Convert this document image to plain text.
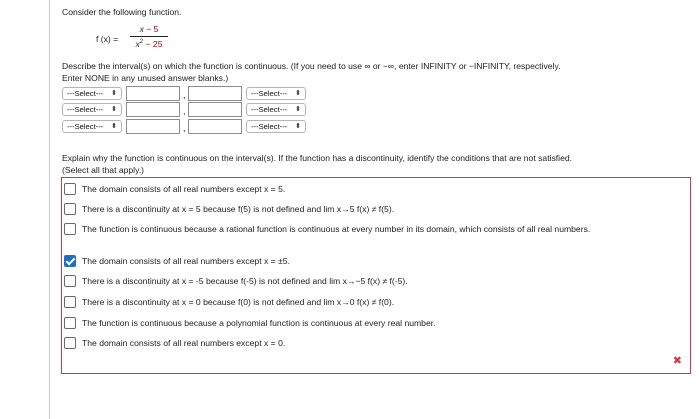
Consider the following function.
f (x) =
x − 5
$x^2 - 25$
Describe the interval(s) on which the function is continuous. (If you need to use ∞ or −∞, enter INFINITY or −INFINITY, respectively.
Enter NONE in any unused answer blanks.)
---Select--- ⬍	,	---Select--- ⬍
---Select--- ⬍	,	---Select--- ⬍
---Select--- ⬍	,	---Select--- ⬍
Explain why the function is continuous on the interval(s). If the function has a discontinuity, identify the conditions that are not satisfied.
(Select all that apply.)
The domain consists of all real numbers except x = 5.
There is a discontinuity at x = 5 because f(5) is not defined and lim x→5 f(x) ≠ f(5).
The function is continuous because a rational function is continuous at every number in its domain, which consists of all real numbers.
The domain consists of all real numbers except x = ±5.
There is a discontinuity at x = -5 because f(-5) is not defined and lim x→−5 f(x) ≠ f(-5).
There is a discontinuity at x = 0 because f(0) is not defined and lim x→0 f(x) ≠ f(0).
The function is continuous because a polynomial function is continuous at every real number.
The domain consists of all real numbers except x = 0.
✖
